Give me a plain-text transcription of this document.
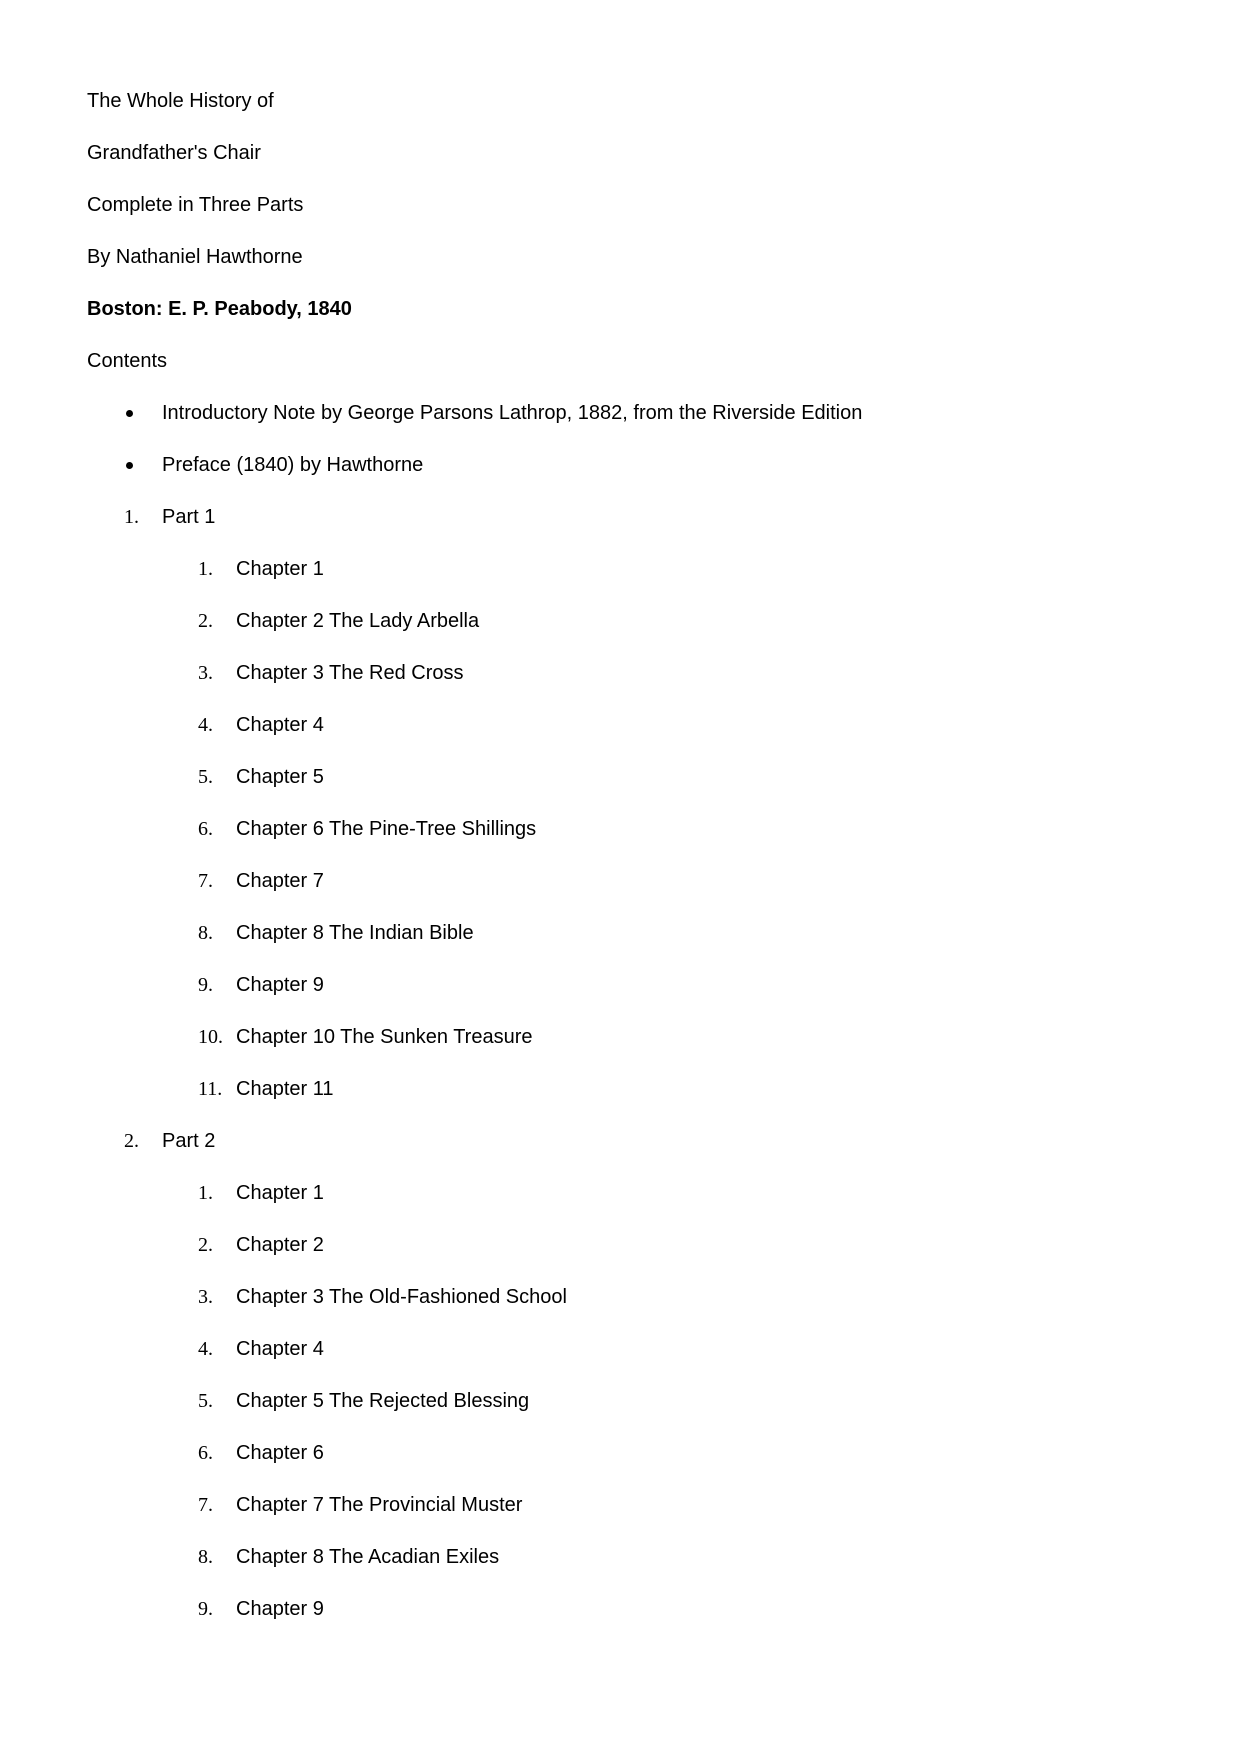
The Whole History of
Grandfather's Chair
Complete in Three Parts
By Nathaniel Hawthorne
Boston: E. P. Peabody, 1840
Contents
Introductory Note by George Parsons Lathrop, 1882, from the Riverside Edition
Preface (1840) by Hawthorne
1. Part 1
1. Chapter 1
2. Chapter 2 The Lady Arbella
3. Chapter 3 The Red Cross
4. Chapter 4
5. Chapter 5
6. Chapter 6 The Pine-Tree Shillings
7. Chapter 7
8. Chapter 8 The Indian Bible
9. Chapter 9
10. Chapter 10 The Sunken Treasure
11. Chapter 11
2. Part 2
1. Chapter 1
2. Chapter 2
3. Chapter 3 The Old-Fashioned School
4. Chapter 4
5. Chapter 5 The Rejected Blessing
6. Chapter 6
7. Chapter 7 The Provincial Muster
8. Chapter 8 The Acadian Exiles
9. Chapter 9
